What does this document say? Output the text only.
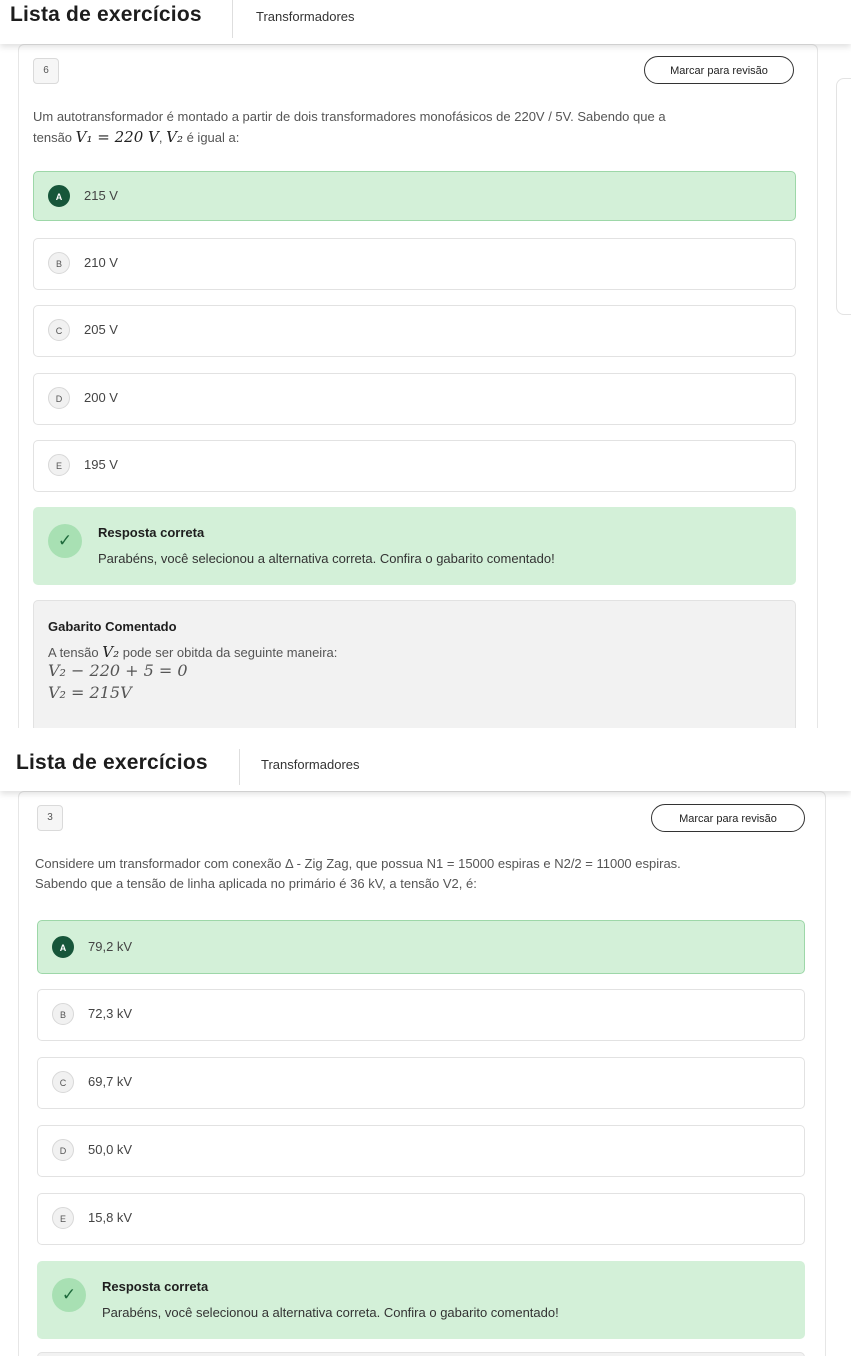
Lista de exercícios	Transformadores
6	Marcar para revisão
Um autotransformador é montado a partir de dois transformadores monofásicos de 220V / 5V. Sabendo que a
tensão V₁ = 220 V, V₂ é igual a:
A	215 V
B	210 V
C	205 V
D	200 V
E	195 V
✓	Resposta correta
Parabéns, você selecionou a alternativa correta. Confira o gabarito comentado!
Gabarito Comentado
A tensão V₂ pode ser obitda da seguinte maneira:
V₂ − 220 + 5 = 0
V₂ = 215V
Lista de exercícios	Transformadores
3	Marcar para revisão
Considere um transformador com conexão Δ - Zig Zag, que possua N1 = 15000 espiras e N2/2 = 11000 espiras.
Sabendo que a tensão de linha aplicada no primário é 36 kV, a tensão V2, é:
A	79,2 kV
B	72,3 kV
C	69,7 kV
D	50,0 kV
E	15,8 kV
✓	Resposta correta
Parabéns, você selecionou a alternativa correta. Confira o gabarito comentado!
